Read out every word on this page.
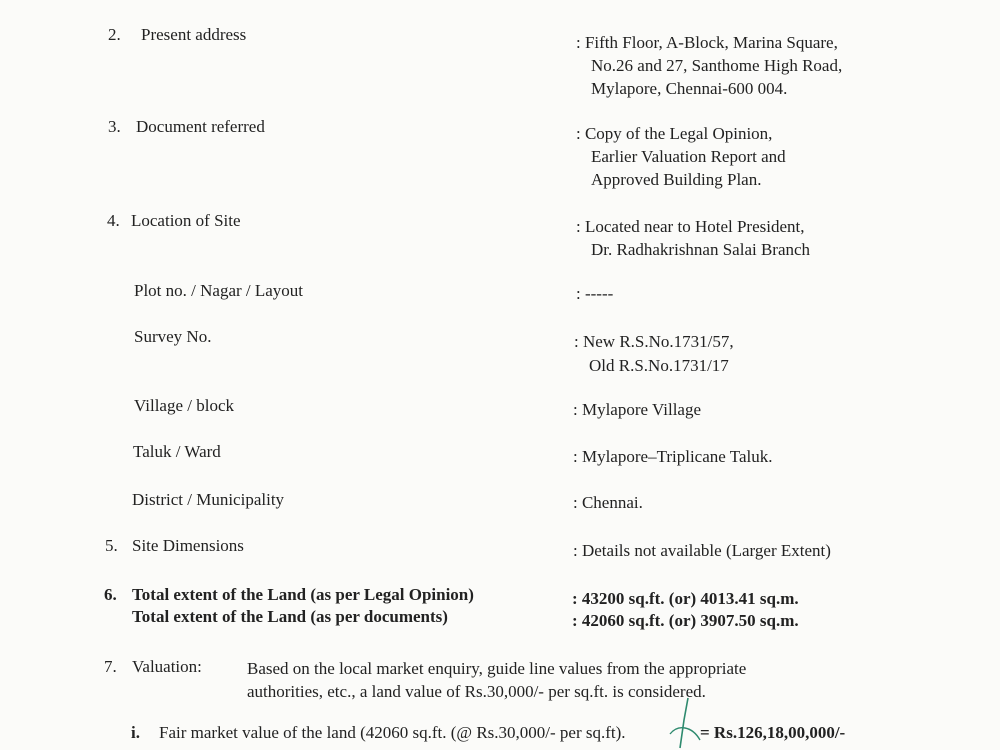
2. Present address	: Fifth Floor, A-Block, Marina Square,
No.26 and 27, Santhome High Road,
Mylapore, Chennai-600 004.
3. Document referred	: Copy of the Legal Opinion,
Earlier Valuation Report and
Approved Building Plan.
4. Location of Site	: Located near to Hotel President,
Dr. Radhakrishnan Salai Branch
Plot no. / Nagar / Layout	: -----
Survey No.	: New R.S.No.1731/57,
Old R.S.No.1731/17
Village / block	: Mylapore Village
Taluk / Ward	: Mylapore–Triplicane Taluk.
District / Municipality	: Chennai.
5. Site Dimensions	: Details not available (Larger Extent)
6. Total extent of the Land (as per Legal Opinion)	: 43200 sq.ft. (or) 4013.41 sq.m.
Total extent of the Land (as per documents)	: 42060 sq.ft. (or) 3907.50 sq.m.
7. Valuation:	Based on the local market enquiry, guide line values from the appropriate
authorities, etc., a land value of Rs.30,000/- per sq.ft. is considered.
i. Fair market value of the land (42060 sq.ft. (@ Rs.30,000/- per sq.ft).	= Rs.126,18,00,000/-
